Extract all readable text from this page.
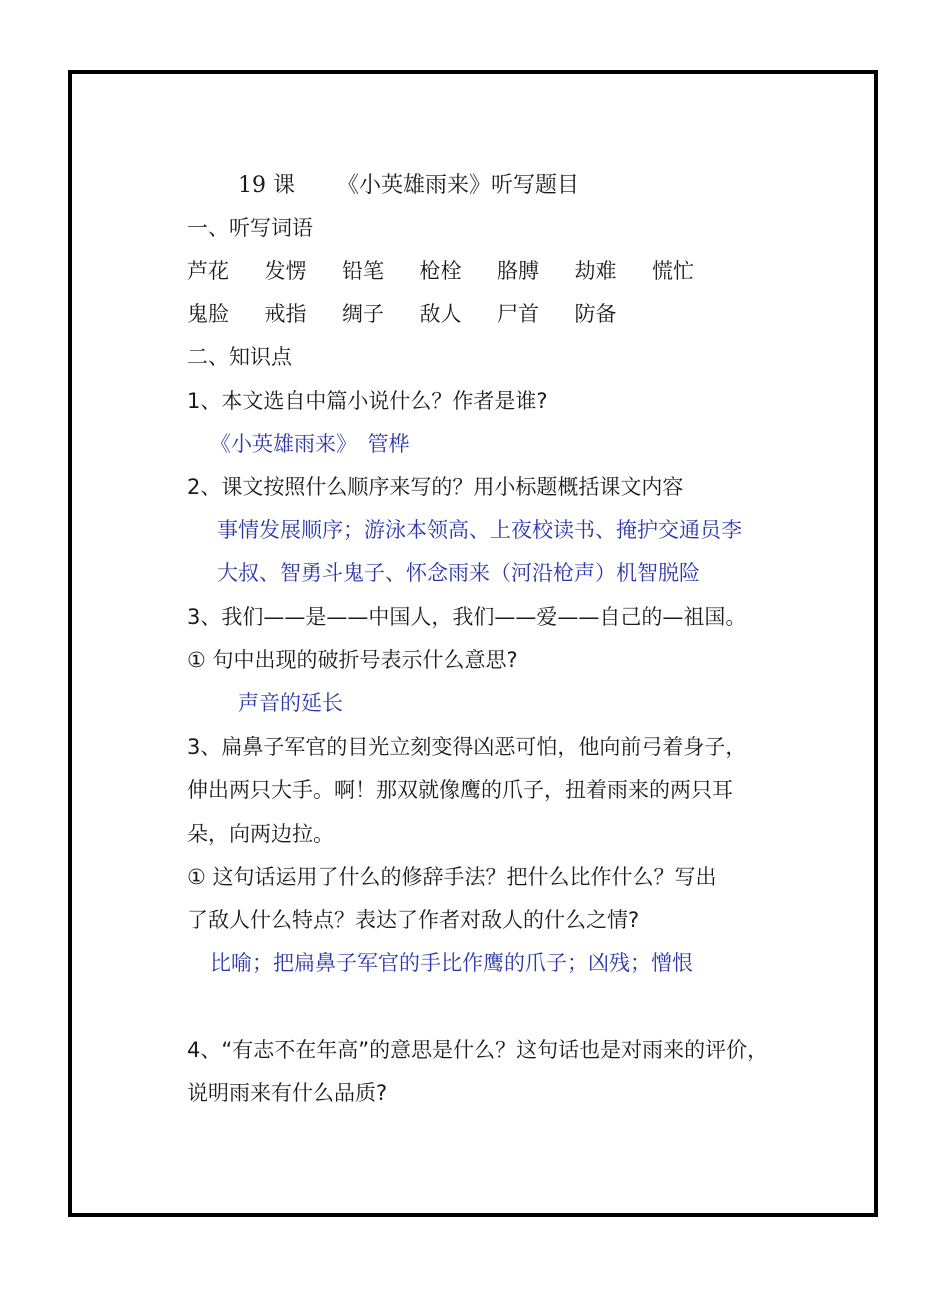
19 课 《小英雄雨来》听写题目
一、听写词语
芦花	发愣	铅笔	枪栓	胳膊	劫难	慌忙
鬼脸	戒指	绸子	敌人	尸首	防备
二、知识点
1、本文选自中篇小说什么？作者是谁?
《小英雄雨来》　管桦
2、课文按照什么顺序来写的？用小标题概括课文内容
事情发展顺序；游泳本领高、上夜校读书、掩护交通员李
大叔、智勇斗鬼子、怀念雨来（河沿枪声）机智脱险
3、我们——是——中国人，我们——爱——自己的—祖国。
① 句中出现的破折号表示什么意思?
声音的延长
3、扁鼻子军官的目光立刻变得凶恶可怕，他向前弓着身子，
伸出两只大手。啊！那双就像鹰的爪子，扭着雨来的两只耳
朵，向两边拉。
① 这句话运用了什么的修辞手法？把什么比作什么？写出
了敌人什么特点？表达了作者对敌人的什么之情?
比喻；把扁鼻子军官的手比作鹰的爪子；凶残；憎恨
4、“有志不在年高”的意思是什么？这句话也是对雨来的评价，
说明雨来有什么品质?
